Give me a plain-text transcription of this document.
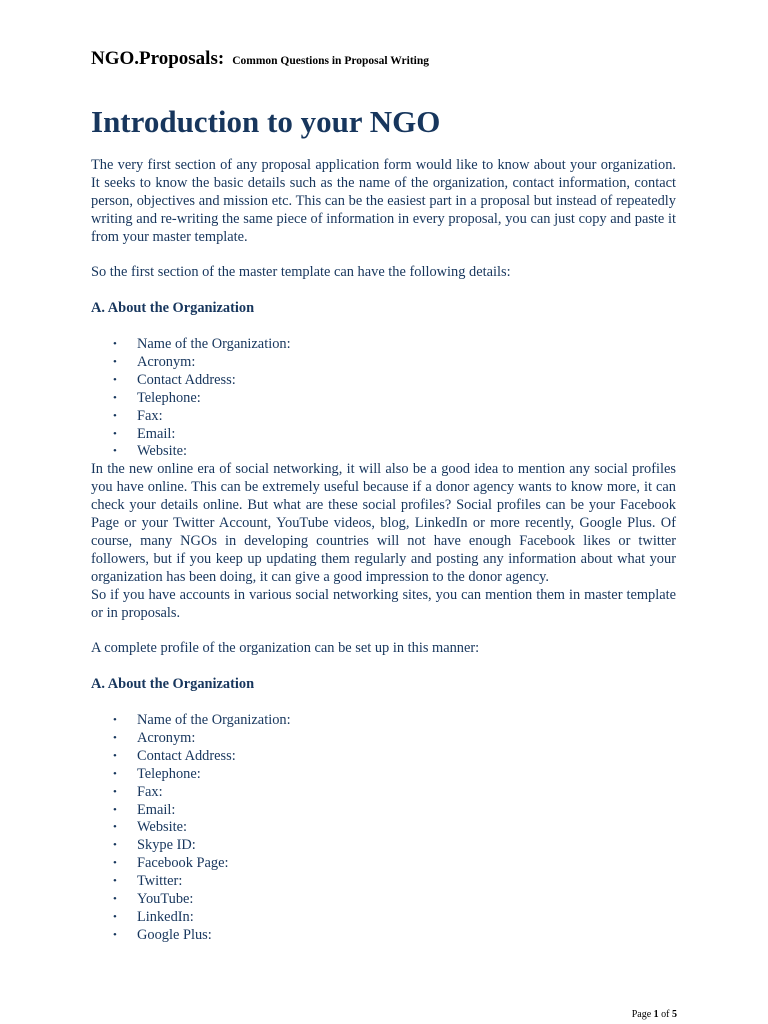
NGO.Proposals: Common Questions in Proposal Writing
Introduction to your NGO

The very first section of any proposal application form would like to know about your organization. It seeks to know the basic details such as the name of the organization, contact information, contact person, objectives and mission etc. This can be the easiest part in a proposal but instead of repeatedly writing and re-writing the same piece of information in every proposal, you can just copy and paste it from your master template.

So the first section of the master template can have the following details:

A. About the Organization

• Name of the Organization:
• Acronym:
• Contact Address:
• Telephone:
• Fax:
• Email:
• Website:

In the new online era of social networking, it will also be a good idea to mention any social profiles you have online. This can be extremely useful because if a donor agency wants to know more, it can check your details online. But what are these social profiles? Social profiles can be your Facebook Page or your Twitter Account, YouTube videos, blog, LinkedIn or more recently, Google Plus. Of course, many NGOs in developing countries will not have enough Facebook likes or twitter followers, but if you keep up updating them regularly and posting any information about what your organization has been doing, it can give a good impression to the donor agency.

So if you have accounts in various social networking sites, you can mention them in master template or in proposals.

A complete profile of the organization can be set up in this manner:

A. About the Organization

• Name of the Organization:
• Acronym:
• Contact Address:
• Telephone:
• Fax:
• Email:
• Website:
• Skype ID:
• Facebook Page:
• Twitter:
• YouTube:
• LinkedIn:
• Google Plus:
Page 1 of 5
